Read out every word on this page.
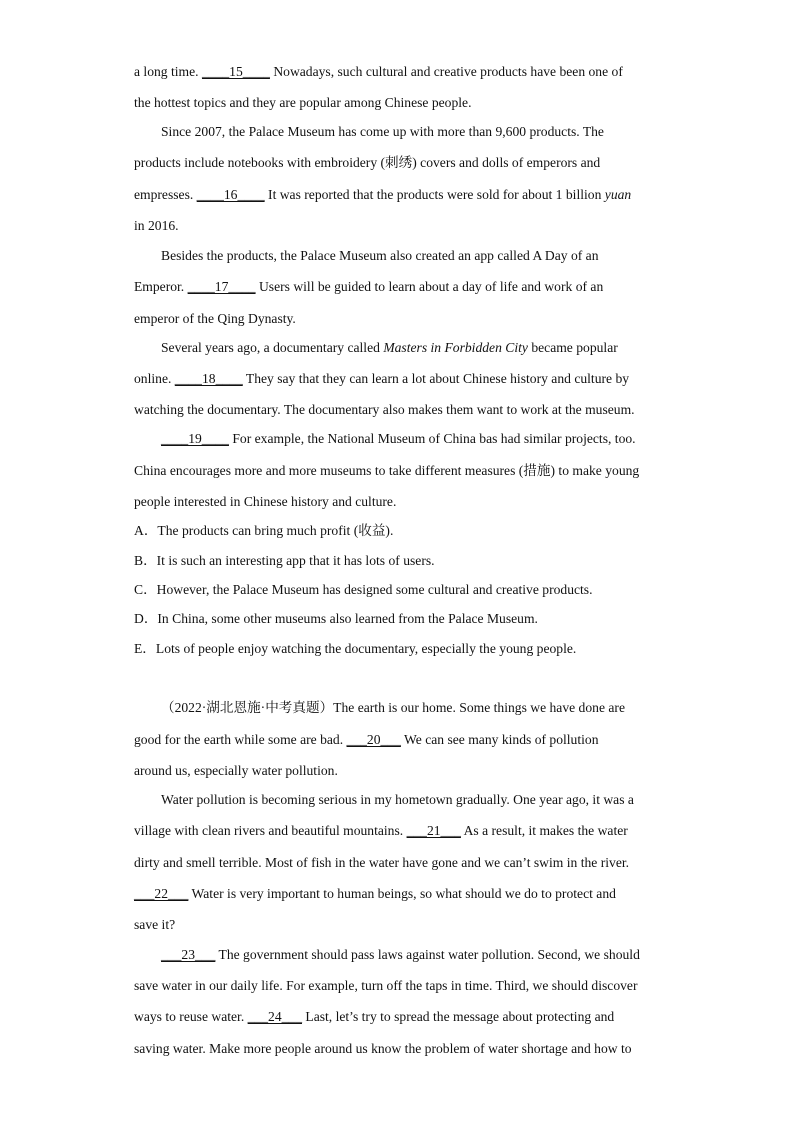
a long time. ____15____ Nowadays, such cultural and creative products have been one of
the hottest topics and they are popular among Chinese people.
Since 2007, the Palace Museum has come up with more than 9,600 products. The
products include notebooks with embroidery (刺绣) covers and dolls of emperors and
empresses. ____16____ It was reported that the products were sold for about 1 billion yuan
in 2016.
Besides the products, the Palace Museum also created an app called A Day of an
Emperor. ____17____ Users will be guided to learn about a day of life and work of an
emperor of the Qing Dynasty.
Several years ago, a documentary called Masters in Forbidden City became popular
online. ____18____ They say that they can learn a lot about Chinese history and culture by
watching the documentary. The documentary also makes them want to work at the museum.
____19____ For example, the National Museum of China bas had similar projects, too.
China encourages more and more museums to take different measures (措施) to make young
people interested in Chinese history and culture.
A．The products can bring much profit (收益).
B．It is such an interesting app that it has lots of users.
C．However, the Palace Museum has designed some cultural and creative products.
D．In China, some other museums also learned from the Palace Museum.
E．Lots of people enjoy watching the documentary, especially the young people.
（2022·湖北恩施·中考真题）The earth is our home. Some things we have done are
good for the earth while some are bad. ___20___ We can see many kinds of pollution
around us, especially water pollution.
Water pollution is becoming serious in my hometown gradually. One year ago, it was a
village with clean rivers and beautiful mountains. ___21___ As a result, it makes the water
dirty and smell terrible. Most of fish in the water have gone and we can’t swim in the river.
___22___ Water is very important to human beings, so what should we do to protect and
save it?
___23___ The government should pass laws against water pollution. Second, we should
save water in our daily life. For example, turn off the taps in time. Third, we should discover
ways to reuse water. ___24___ Last, let’s try to spread the message about protecting and
saving water. Make more people around us know the problem of water shortage and how to
